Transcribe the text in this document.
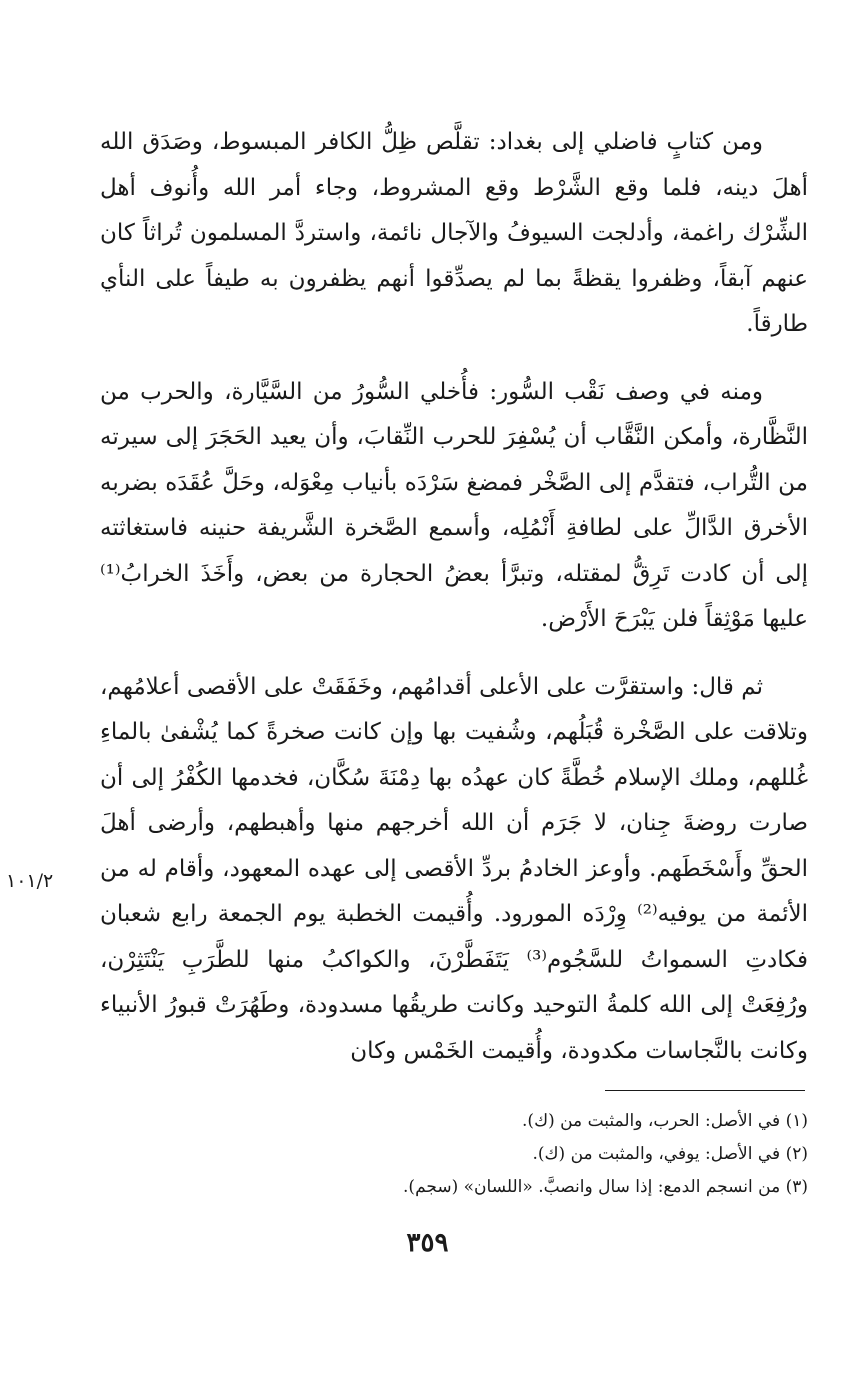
ومن كتابٍ فاضلي إلى بغداد: تقلَّص ظِلُّ الكافر المبسوط، وصَدَق الله أهلَ دينه، فلما وقع الشَّرْط وقع المشروط، وجاء أمر الله وأُنوف أهل الشِّرْك راغمة، وأدلجت السيوفُ والآجال نائمة، واستردَّ المسلمون تُراثاً كان عنهم آبقاً، وظفروا يقظةً بما لم يصدِّقوا أنهم يظفرون به طيفاً على النأي طارقاً.

ومنه في وصف نَقْب السُّور: فأُخلي السُّورُ من السَّيَّارة، والحرب من النَّظَّارة، وأمكن النَّقَّاب أن يُسْفِرَ للحرب النِّقابَ، وأن يعيد الحَجَرَ إلى سيرته من التُّراب، فتقدَّم إلى الصَّخْر فمضغ سَرْدَه بأنياب مِعْوَله، وحَلَّ عُقَدَه بضربه الأخرق الدَّالِّ على لطافةِ أَنْمُلِه، وأسمع الصَّخرة الشَّريفة حنينه فاستغاثته إلى أن كادت تَرِقُّ لمقتله، وتبرَّأ بعضُ الحجارة من بعض، وأَخَذَ الخرابُ⁽¹⁾ عليها مَوْثِقاً فلن يَبْرَحَ الأَرْض.

ثم قال: واستقرَّت على الأعلى أقدامُهم، وخَفَقَتْ على الأقصى أعلامُهم، وتلاقت على الصَّخْرة قُبَلُهم، وشُفيت بها وإن كانت صخرةً كما يُشْفىٰ بالماءِ غُللهم، وملك الإسلام خُطَّةً كان عهدُه بها دِمْنَةَ سُكَّان، فخدمها الكُفْرُ إلى أن صارت روضةَ جِنان، لا جَرَم أن الله أخرجهم منها وأهبطهم، وأرضى أهلَ الحقِّ وأَسْخَطَهم. وأوعز الخادمُ بردِّ الأقصى إلى عهده المعهود، وأقام له من الأئمة من يوفيه⁽²⁾ وِرْدَه المورود. وأُقيمت الخطبة يوم الجمعة رابع شعبان فكادتِ السمواتُ للسَّجُوم⁽³⁾ يَتَفَطَّرْنَ، والكواكبُ منها للطَّرَبِ يَنْتَثِرْن، ورُفِعَتْ إلى الله كلمةُ التوحيد وكانت طريقُها مسدودة، وطَهُرَتْ قبورُ الأنبياء وكانت بالنَّجاسات مكدودة، وأُقيمت الخَمْس وكان

١٠١/٢

(١) في الأصل: الحرب، والمثبت من (ك).

(٢) في الأصل: يوفي، والمثبت من (ك).

(٣) من انسجم الدمع: إذا سال وانصبَّ. «اللسان» (سجم).

٣٥٩
